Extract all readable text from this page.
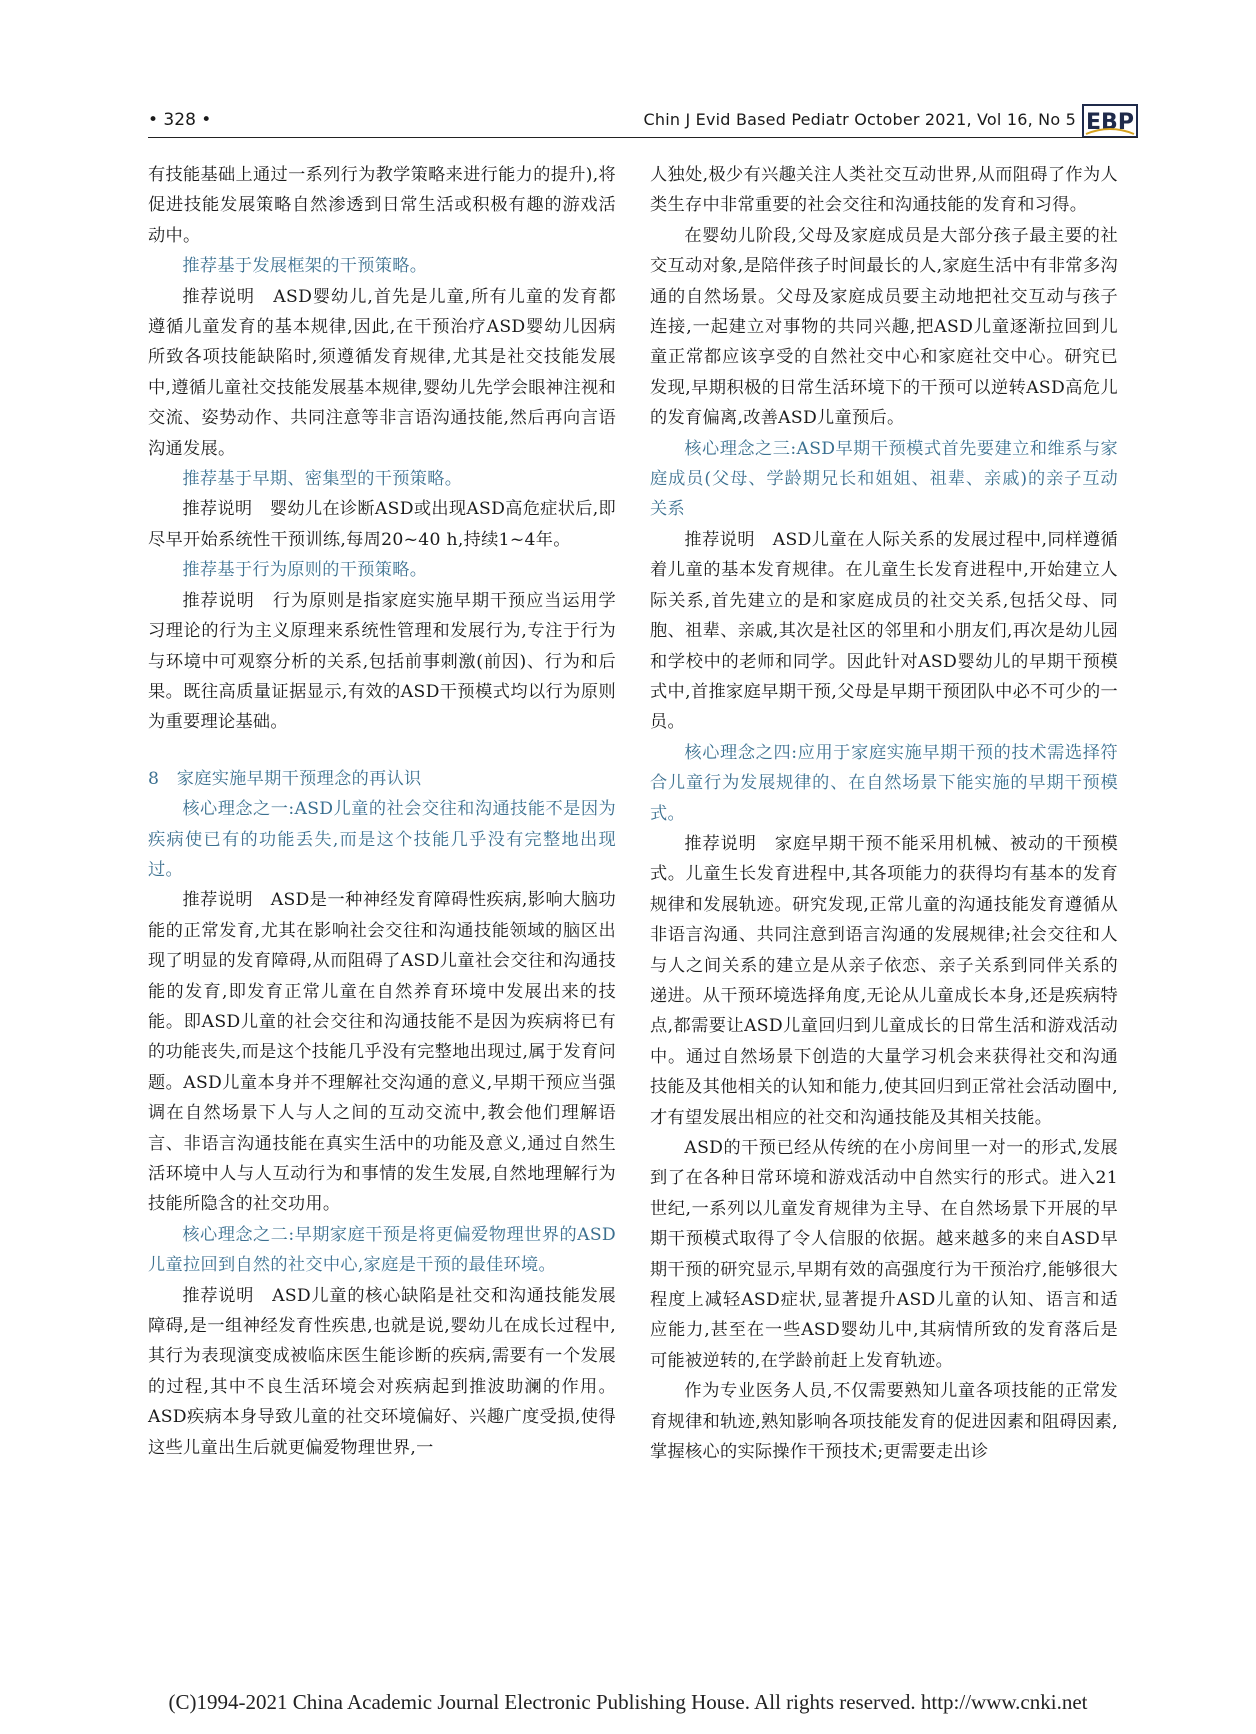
• 328 •	Chin J Evid Based Pediatr October 2021, Vol 16, No 5 EBP

有技能基础上通过一系列行为教学策略来进行能力的提升),将促进技能发展策略自然渗透到日常生活或积极有趣的游戏活动中。

推荐基于发展框架的干预策略。

推荐说明　ASD婴幼儿,首先是儿童,所有儿童的发育都遵循儿童发育的基本规律,因此,在干预治疗ASD婴幼儿因病所致各项技能缺陷时,须遵循发育规律,尤其是社交技能发展中,遵循儿童社交技能发展基本规律,婴幼儿先学会眼神注视和交流、姿势动作、共同注意等非言语沟通技能,然后再向言语沟通发展。

推荐基于早期、密集型的干预策略。

推荐说明　婴幼儿在诊断ASD或出现ASD高危症状后,即尽早开始系统性干预训练,每周20~40 h,持续1~4年。

推荐基于行为原则的干预策略。

推荐说明　行为原则是指家庭实施早期干预应当运用学习理论的行为主义原理来系统性管理和发展行为,专注于行为与环境中可观察分析的关系,包括前事刺激(前因)、行为和后果。既往高质量证据显示,有效的ASD干预模式均以行为原则为重要理论基础。

8　家庭实施早期干预理念的再认识

核心理念之一:ASD儿童的社会交往和沟通技能不是因为疾病使已有的功能丢失,而是这个技能几乎没有完整地出现过。

推荐说明　ASD是一种神经发育障碍性疾病,影响大脑功能的正常发育,尤其在影响社会交往和沟通技能领域的脑区出现了明显的发育障碍,从而阻碍了ASD儿童社会交往和沟通技能的发育,即发育正常儿童在自然养育环境中发展出来的技能。即ASD儿童的社会交往和沟通技能不是因为疾病将已有的功能丧失,而是这个技能几乎没有完整地出现过,属于发育问题。ASD儿童本身并不理解社交沟通的意义,早期干预应当强调在自然场景下人与人之间的互动交流中,教会他们理解语言、非语言沟通技能在真实生活中的功能及意义,通过自然生活环境中人与人互动行为和事情的发生发展,自然地理解行为技能所隐含的社交功用。

核心理念之二:早期家庭干预是将更偏爱物理世界的ASD儿童拉回到自然的社交中心,家庭是干预的最佳环境。

推荐说明　ASD儿童的核心缺陷是社交和沟通技能发展障碍,是一组神经发育性疾患,也就是说,婴幼儿在成长过程中,其行为表现演变成被临床医生能诊断的疾病,需要有一个发展的过程,其中不良生活环境会对疾病起到推波助澜的作用。ASD疾病本身导致儿童的社交环境偏好、兴趣广度受损,使得这些儿童出生后就更偏爱物理世界,一

人独处,极少有兴趣关注人类社交互动世界,从而阻碍了作为人类生存中非常重要的社会交往和沟通技能的发育和习得。

在婴幼儿阶段,父母及家庭成员是大部分孩子最主要的社交互动对象,是陪伴孩子时间最长的人,家庭生活中有非常多沟通的自然场景。父母及家庭成员要主动地把社交互动与孩子连接,一起建立对事物的共同兴趣,把ASD儿童逐渐拉回到儿童正常都应该享受的自然社交中心和家庭社交中心。研究已发现,早期积极的日常生活环境下的干预可以逆转ASD高危儿的发育偏离,改善ASD儿童预后。

核心理念之三:ASD早期干预模式首先要建立和维系与家庭成员(父母、学龄期兄长和姐姐、祖辈、亲戚)的亲子互动关系

推荐说明　ASD儿童在人际关系的发展过程中,同样遵循着儿童的基本发育规律。在儿童生长发育进程中,开始建立人际关系,首先建立的是和家庭成员的社交关系,包括父母、同胞、祖辈、亲戚,其次是社区的邻里和小朋友们,再次是幼儿园和学校中的老师和同学。因此针对ASD婴幼儿的早期干预模式中,首推家庭早期干预,父母是早期干预团队中必不可少的一员。

核心理念之四:应用于家庭实施早期干预的技术需选择符合儿童行为发展规律的、在自然场景下能实施的早期干预模式。

推荐说明　家庭早期干预不能采用机械、被动的干预模式。儿童生长发育进程中,其各项能力的获得均有基本的发育规律和发展轨迹。研究发现,正常儿童的沟通技能发育遵循从非语言沟通、共同注意到语言沟通的发展规律;社会交往和人与人之间关系的建立是从亲子依恋、亲子关系到同伴关系的递进。从干预环境选择角度,无论从儿童成长本身,还是疾病特点,都需要让ASD儿童回归到儿童成长的日常生活和游戏活动中。通过自然场景下创造的大量学习机会来获得社交和沟通技能及其他相关的认知和能力,使其回归到正常社会活动圈中,才有望发展出相应的社交和沟通技能及其相关技能。

ASD的干预已经从传统的在小房间里一对一的形式,发展到了在各种日常环境和游戏活动中自然实行的形式。进入21世纪,一系列以儿童发育规律为主导、在自然场景下开展的早期干预模式取得了令人信服的依据。越来越多的来自ASD早期干预的研究显示,早期有效的高强度行为干预治疗,能够很大程度上减轻ASD症状,显著提升ASD儿童的认知、语言和适应能力,甚至在一些ASD婴幼儿中,其病情所致的发育落后是可能被逆转的,在学龄前赶上发育轨迹。

作为专业医务人员,不仅需要熟知儿童各项技能的正常发育规律和轨迹,熟知影响各项技能发育的促进因素和阻碍因素,掌握核心的实际操作干预技术;更需要走出诊

(C)1994-2021 China Academic Journal Electronic Publishing House. All rights reserved. http://www.cnki.net
